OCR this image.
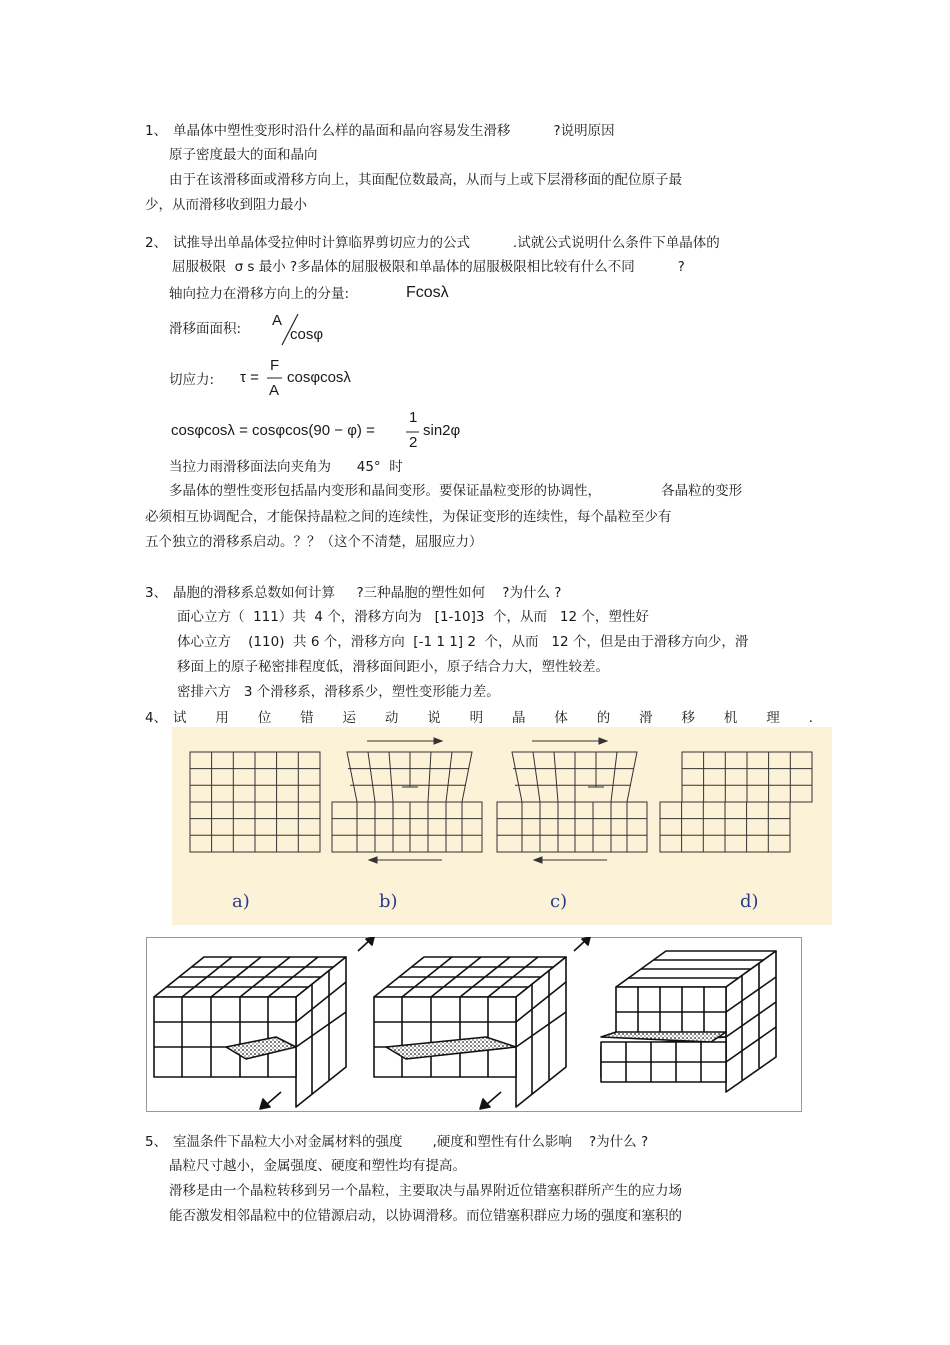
1、 单晶体中塑性变形时沿什么样的晶面和晶向容易发生滑移          ?说明原因
原子密度最大的面和晶向
由于在该滑移面或滑移方向上，其面配位数最高，从而与上或下层滑移面的配位原子最
少，从而滑移收到阻力最小
2、 试推导出单晶体受拉伸时计算临界剪切应力的公式          .试就公式说明什么条件下单晶体的
屈服极限  σ s 最小 ?多晶体的屈服极限和单晶体的屈服极限相比较有什么不同          ?
轴向拉力在滑移方向上的分量:	Fcosλ
滑移面面积: A
cosφ
切应力: τ =
F
A
cosφcosλ
cosφcosλ = cosφcos(90 − φ) =
1
2
sin2φ
当拉力雨滑移面法向夹角为      45°  时
多晶体的塑性变形包括晶内变形和晶间变形。要保证晶粒变形的协调性，              各晶粒的变形
必须相互协调配合，才能保持晶粒之间的连续性，为保证变形的连续性，每个晶粒至少有
五个独立的滑移系启动。？？（这个不清楚，屈服应力）
3、 晶胞的滑移系总数如何计算     ?三种晶胞的塑性如何    ?为什么 ?
面心立方（  111）共  4 个，滑移方向为   [1-10]3  个，从而   12 个，塑性好
体心立方    (110)  共 6 个，滑移方向  [-1 1 1] 2  个，从而   12 个，但是由于滑移方向少，滑
移面上的原子秘密排程度低，滑移面间距小，原子结合力大，塑性较差。
密排六方   3 个滑移系，滑移系少，塑性变形能力差。
4、 试 用 位 错 运 动 说 明 晶 体 的 滑 移 机 理 .
a)	b)	c)	d)
5、 室温条件下晶粒大小对金属材料的强度       ,硬度和塑性有什么影响    ?为什么 ?
晶粒尺寸越小，金属强度、硬度和塑性均有提高。
滑移是由一个晶粒转移到另一个晶粒，主要取决与晶界附近位错塞积群所产生的应力场
能否激发相邻晶粒中的位错源启动，以协调滑移。而位错塞积群应力场的强度和塞积的
